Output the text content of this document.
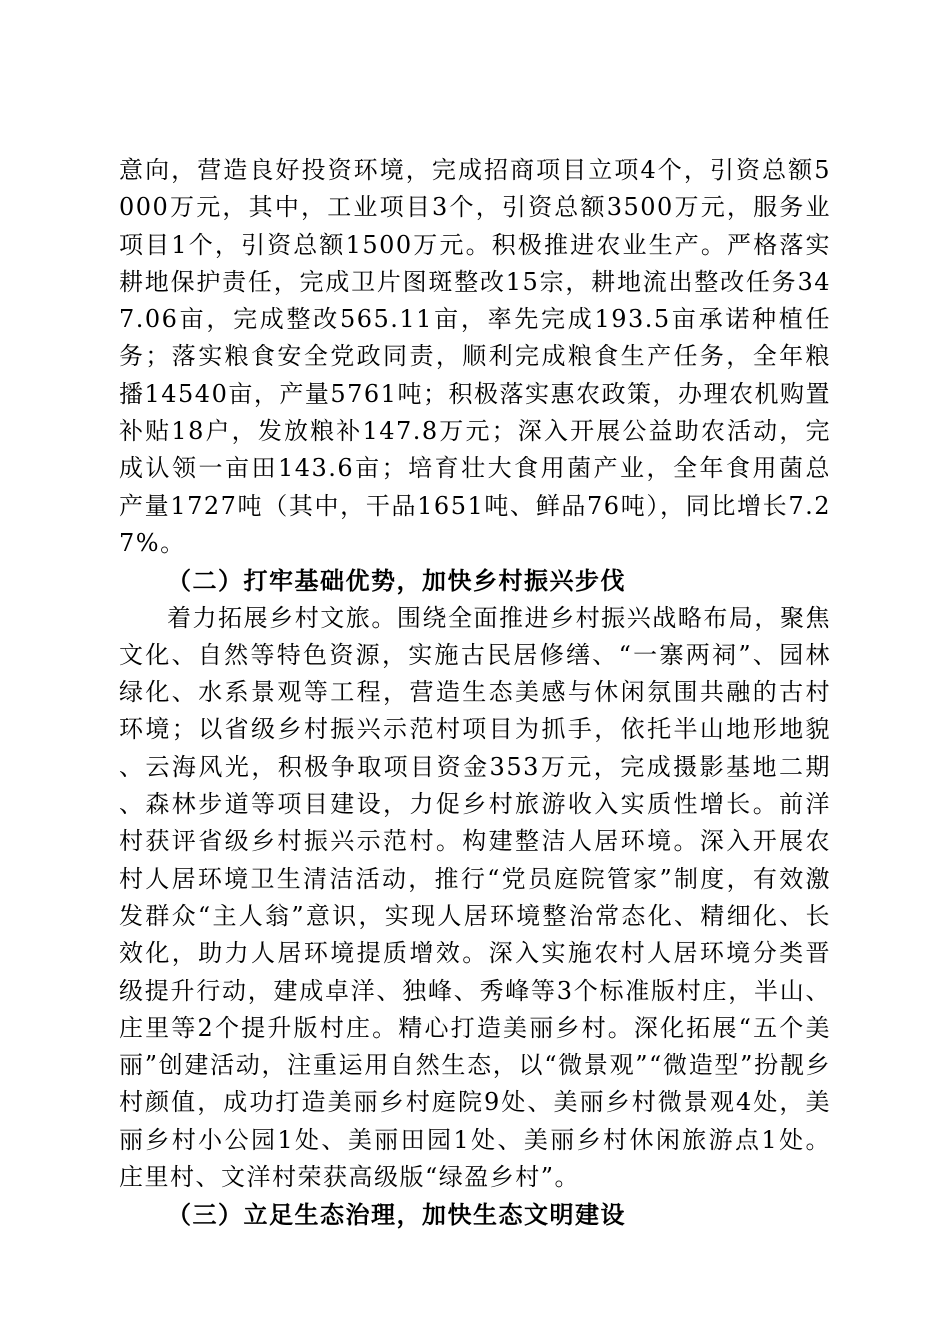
意向，营造良好投资环境，完成招商项目立项4个，引资总额5000万元，其中，工业项目3个，引资总额3500万元，服务业项目1个，引资总额1500万元。积极推进农业生产。严格落实耕地保护责任，完成卫片图斑整改15宗，耕地流出整改任务347.06亩，完成整改565.11亩，率先完成193.5亩承诺种植任务；落实粮食安全党政同责，顺利完成粮食生产任务，全年粮播14540亩，产量5761吨；积极落实惠农政策，办理农机购置补贴18户，发放粮补147.8万元；深入开展公益助农活动，完成认领一亩田143.6亩；培育壮大食用菌产业，全年食用菌总产量1727吨（其中，干品1651吨、鲜品76吨），同比增长7.27%。

（二）打牢基础优势，加快乡村振兴步伐

着力拓展乡村文旅。围绕全面推进乡村振兴战略布局，聚焦文化、自然等特色资源，实施古民居修缮、“一寨两祠”、园林绿化、水系景观等工程，营造生态美感与休闲氛围共融的古村环境；以省级乡村振兴示范村项目为抓手，依托半山地形地貌、云海风光，积极争取项目资金353万元，完成摄影基地二期、森林步道等项目建设，力促乡村旅游收入实质性增长。前洋村获评省级乡村振兴示范村。构建整洁人居环境。深入开展农村人居环境卫生清洁活动，推行“党员庭院管家”制度，有效激发群众“主人翁”意识，实现人居环境整治常态化、精细化、长效化，助力人居环境提质增效。深入实施农村人居环境分类晋级提升行动，建成卓洋、独峰、秀峰等3个标准版村庄，半山、庄里等2个提升版村庄。精心打造美丽乡村。深化拓展“五个美丽”创建活动，注重运用自然生态，以“微景观”“微造型”扮靓乡村颜值，成功打造美丽乡村庭院9处、美丽乡村微景观4处，美丽乡村小公园1处、美丽田园1处、美丽乡村休闲旅游点1处。庄里村、文洋村荣获高级版“绿盈乡村”。

（三）立足生态治理，加快生态文明建设
